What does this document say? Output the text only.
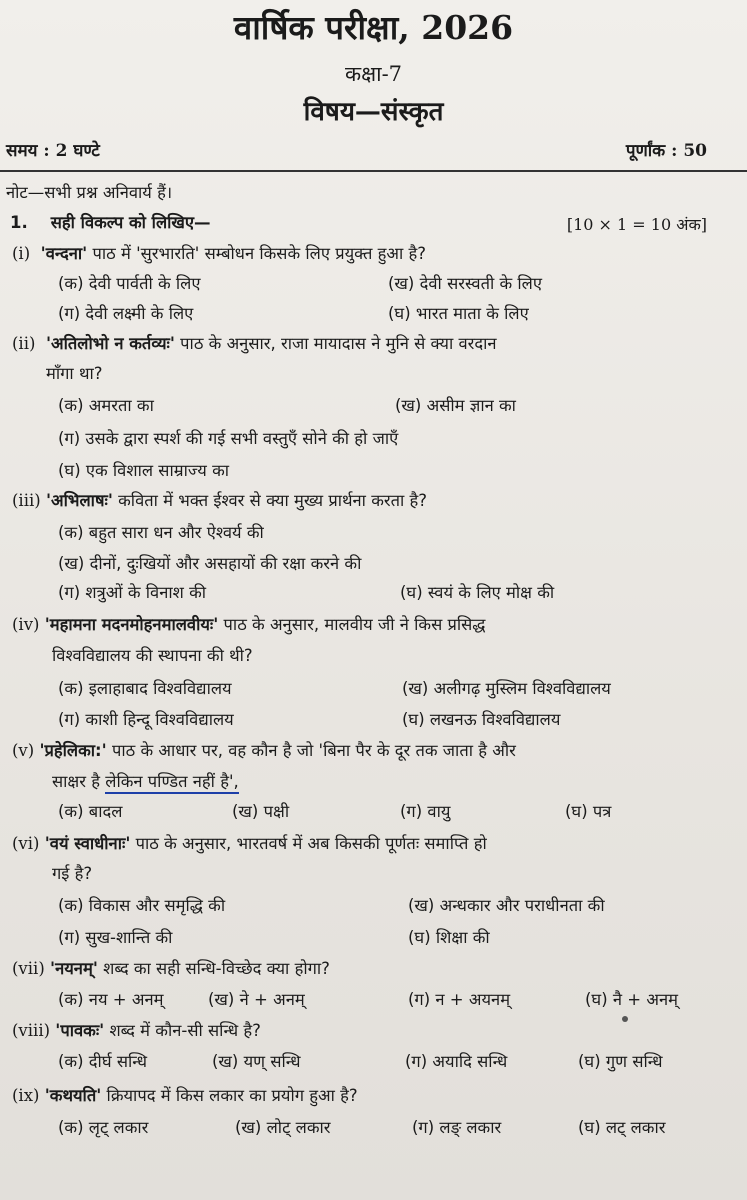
वार्षिक परीक्षा, 2026
कक्षा-7
विषय—संस्कृत
समय : 2 घण्टे	पूर्णांक : 50
नोट—सभी प्रश्न अनिवार्य हैं।
1. सही विकल्प को लिखिए—	[10 × 1 = 10 अंक]
(i) 'वन्दना' पाठ में 'सुरभारति' सम्बोधन किसके लिए प्रयुक्त हुआ है?
(क) देवी पार्वती के लिए	(ख) देवी सरस्वती के लिए
(ग) देवी लक्ष्मी के लिए	(घ) भारत माता के लिए
(ii) 'अतिलोभो न कर्तव्यः' पाठ के अनुसार, राजा मायादास ने मुनि से क्या वरदान
माँगा था?
(क) अमरता का	(ख) असीम ज्ञान का
(ग) उसके द्वारा स्पर्श की गई सभी वस्तुएँ सोने की हो जाएँ
(घ) एक विशाल साम्राज्य का
(iii) 'अभिलाषः' कविता में भक्त ईश्वर से क्या मुख्य प्रार्थना करता है?
(क) बहुत सारा धन और ऐश्वर्य की
(ख) दीनों, दुःखियों और असहायों की रक्षा करने की
(ग) शत्रुओं के विनाश की	(घ) स्वयं के लिए मोक्ष की
(iv) 'महामना मदनमोहनमालवीयः' पाठ के अनुसार, मालवीय जी ने किस प्रसिद्ध
विश्वविद्यालय की स्थापना की थी?
(क) इलाहाबाद विश्वविद्यालय	(ख) अलीगढ़ मुस्लिम विश्वविद्यालय
(ग) काशी हिन्दू विश्वविद्यालय	(घ) लखनऊ विश्वविद्यालय
(v) 'प्रहेलिका:' पाठ के आधार पर, वह कौन है जो 'बिना पैर के दूर तक जाता है और
साक्षर है लेकिन पण्डित नहीं है',
(क) बादल	(ख) पक्षी	(ग) वायु	(घ) पत्र
(vi) 'वयं स्वाधीनाः' पाठ के अनुसार, भारतवर्ष में अब किसकी पूर्णतः समाप्ति हो
गई है?
(क) विकास और समृद्धि की	(ख) अन्धकार और पराधीनता की
(ग) सुख-शान्ति की	(घ) शिक्षा की
(vii) 'नयनम्' शब्द का सही सन्धि-विच्छेद क्या होगा?
(क) नय + अनम्	(ख) ने + अनम्	(ग) न + अयनम्	(घ) नै + अनम्
(viii) 'पावकः' शब्द में कौन-सी सन्धि है?
(क) दीर्घ सन्धि	(ख) यण् सन्धि	(ग) अयादि सन्धि	(घ) गुण सन्धि
(ix) 'कथयति' क्रियापद में किस लकार का प्रयोग हुआ है?
(क) लृट् लकार	(ख) लोट् लकार	(ग) लङ् लकार	(घ) लट् लकार
